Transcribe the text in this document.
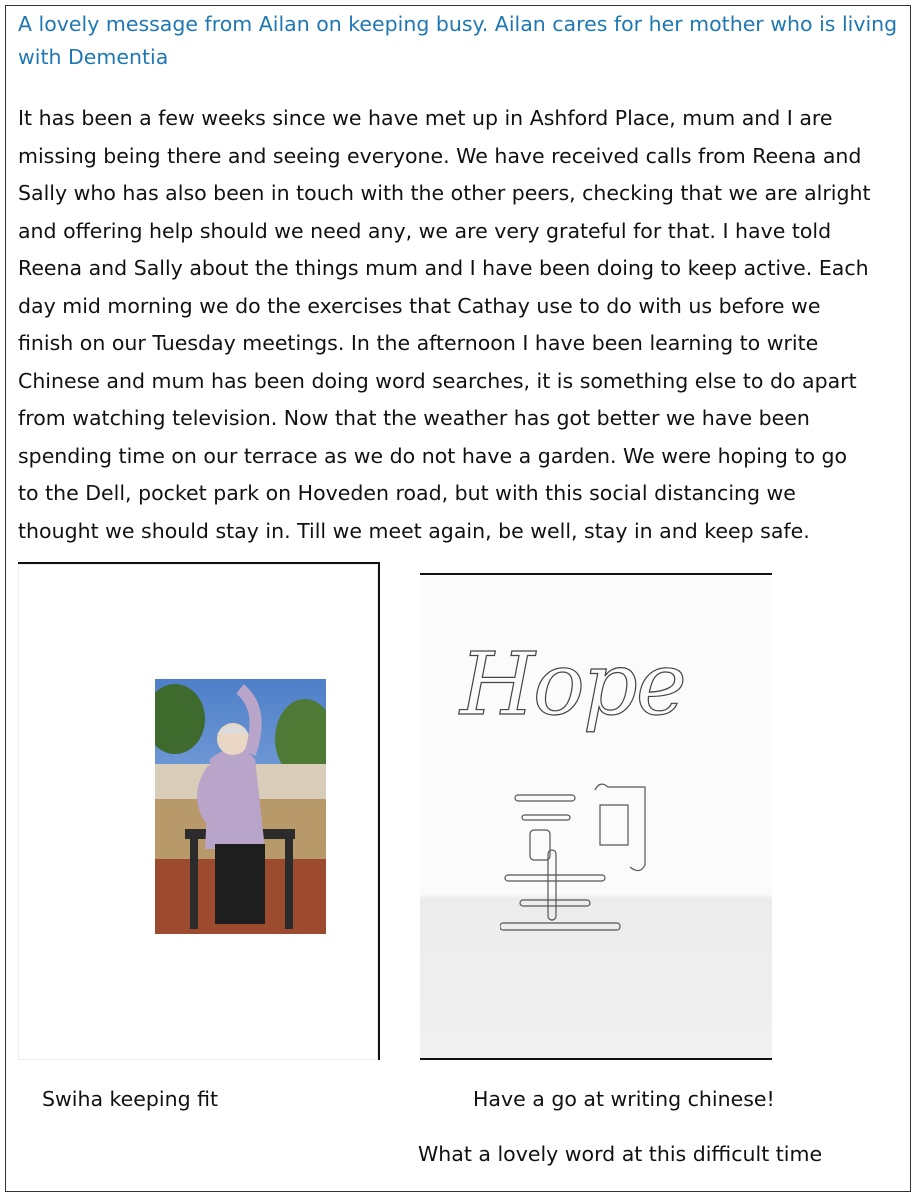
A lovely message from Ailan on keeping busy. Ailan cares for her mother who is living with Dementia
It has been a few weeks since we have met up in Ashford Place, mum and I are
missing being there and seeing everyone. We have received calls from Reena and
Sally who has also been in touch with the other peers, checking that we are alright
and offering help should we need any, we are very grateful for that. I have told
Reena and Sally about the things mum and I have been doing to keep active. Each
day mid morning we do the exercises that Cathay use to do with us before we
finish on our Tuesday meetings. In the afternoon I have been learning to write
Chinese and mum has been doing word searches, it is something else to do apart
from watching television. Now that the weather has got better we have been
spending time on our terrace as we do not have a garden. We were hoping to go
to the Dell, pocket park on Hoveden road, but with this social distancing we
thought we should stay in. Till we meet again, be well, stay in and keep safe.
Hope
Swiha keeping fit	Have a go at writing chinese!
What a lovely word at this difficult time
